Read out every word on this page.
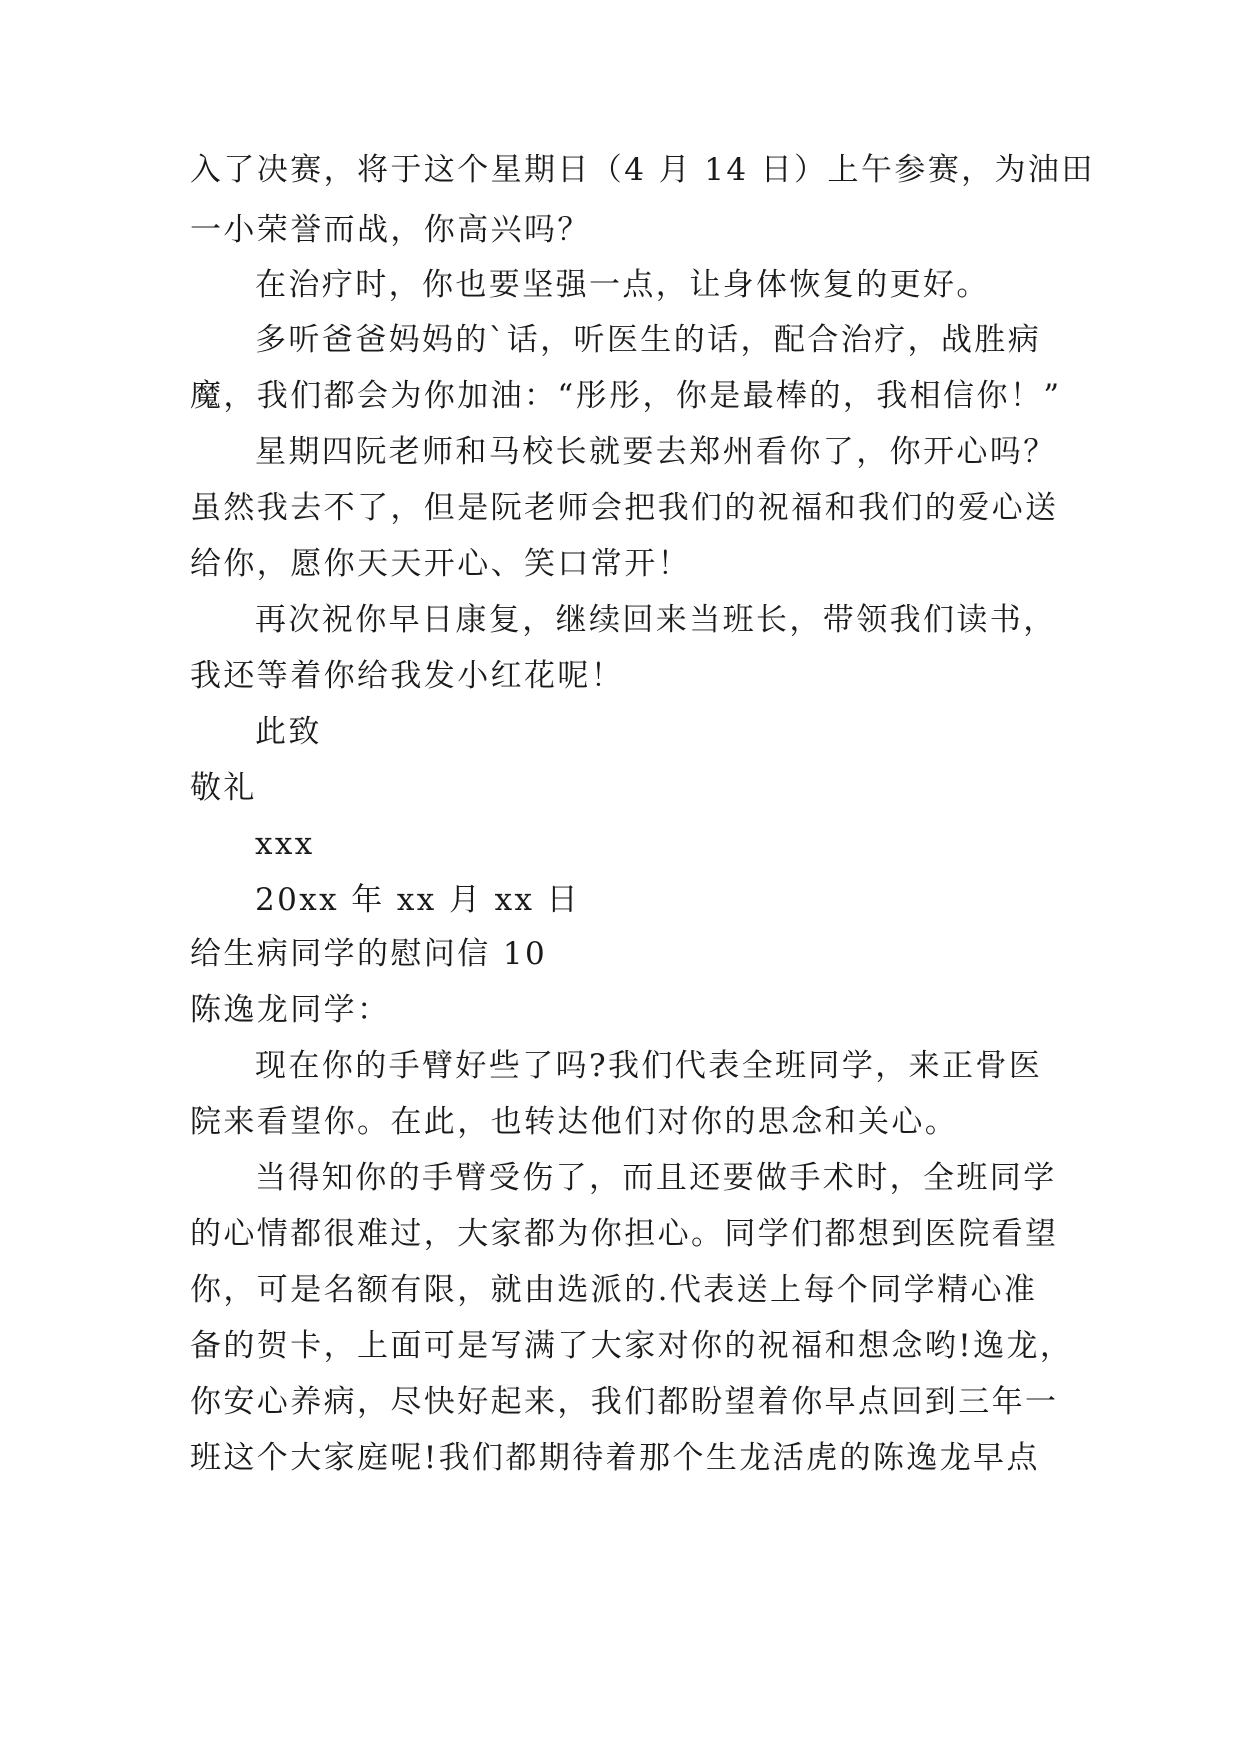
入了决赛，将于这个星期日（4 月 14 日）上午参赛，为油田
一小荣誉而战，你高兴吗？
在治疗时，你也要坚强一点，让身体恢复的更好。
多听爸爸妈妈的`话，听医生的话，配合治疗，战胜病
魔，我们都会为你加油：“彤彤，你是最棒的，我相信你！”
星期四阮老师和马校长就要去郑州看你了，你开心吗？
虽然我去不了，但是阮老师会把我们的祝福和我们的爱心送
给你，愿你天天开心、笑口常开！
再次祝你早日康复，继续回来当班长，带领我们读书，
我还等着你给我发小红花呢！
此致
敬礼
xxx
20xx 年 xx 月 xx 日
给生病同学的慰问信 10
陈逸龙同学：
现在你的手臂好些了吗?我们代表全班同学，来正骨医
院来看望你。在此，也转达他们对你的思念和关心。
当得知你的手臂受伤了，而且还要做手术时，全班同学
的心情都很难过，大家都为你担心。同学们都想到医院看望
你，可是名额有限，就由选派的.代表送上每个同学精心准
备的贺卡，上面可是写满了大家对你的祝福和想念哟!逸龙，
你安心养病，尽快好起来，我们都盼望着你早点回到三年一
班这个大家庭呢!我们都期待着那个生龙活虎的陈逸龙早点
